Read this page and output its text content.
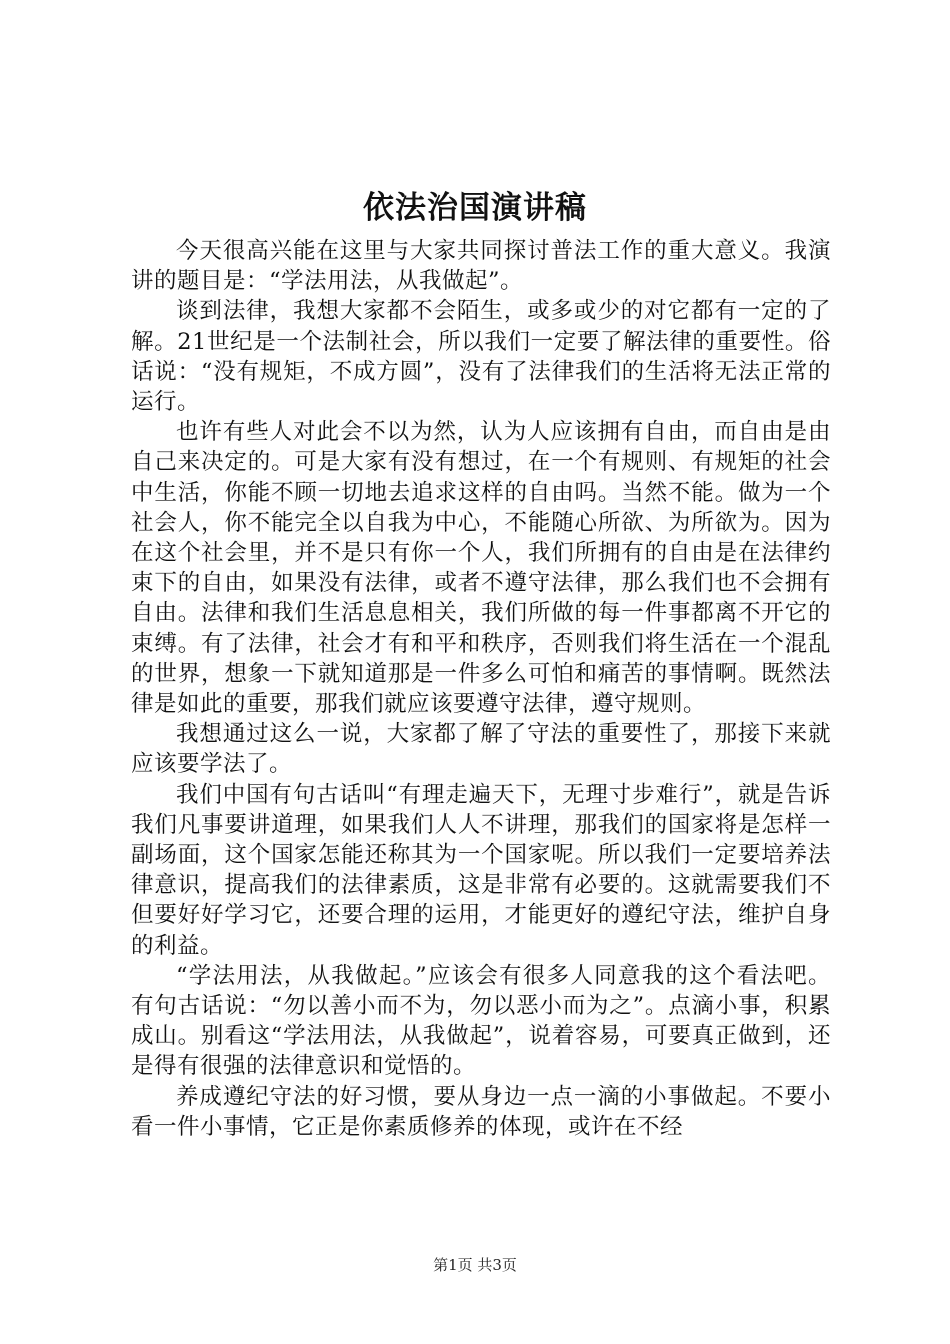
依法治国演讲稿

今天很高兴能在这里与大家共同探讨普法工作的重大意义。我演讲的题目是：“学法用法，从我做起”。

谈到法律，我想大家都不会陌生，或多或少的对它都有一定的了解。21世纪是一个法制社会，所以我们一定要了解法律的重要性。俗话说：“没有规矩，不成方圆”，没有了法律我们的生活将无法正常的运行。

也许有些人对此会不以为然，认为人应该拥有自由，而自由是由自己来决定的。可是大家有没有想过，在一个有规则、有规矩的社会中生活，你能不顾一切地去追求这样的自由吗。当然不能。做为一个社会人，你不能完全以自我为中心，不能随心所欲、为所欲为。因为在这个社会里，并不是只有你一个人，我们所拥有的自由是在法律约束下的自由，如果没有法律，或者不遵守法律，那么我们也不会拥有自由。法律和我们生活息息相关，我们所做的每一件事都离不开它的束缚。有了法律，社会才有和平和秩序，否则我们将生活在一个混乱的世界，想象一下就知道那是一件多么可怕和痛苦的事情啊。既然法律是如此的重要，那我们就应该要遵守法律，遵守规则。

我想通过这么一说，大家都了解了守法的重要性了，那接下来就应该要学法了。

我们中国有句古话叫“有理走遍天下，无理寸步难行”，就是告诉我们凡事要讲道理，如果我们人人不讲理，那我们的国家将是怎样一副场面，这个国家怎能还称其为一个国家呢。所以我们一定要培养法律意识，提高我们的法律素质，这是非常有必要的。这就需要我们不但要好好学习它，还要合理的运用，才能更好的遵纪守法，维护自身的利益。

“学法用法，从我做起。”应该会有很多人同意我的这个看法吧。有句古话说：“勿以善小而不为，勿以恶小而为之”。点滴小事，积累成山。别看这“学法用法，从我做起”，说着容易，可要真正做到，还是得有很强的法律意识和觉悟的。

养成遵纪守法的好习惯，要从身边一点一滴的小事做起。不要小看一件小事情，它正是你素质修养的体现，或许在不经

第1页 共3页
